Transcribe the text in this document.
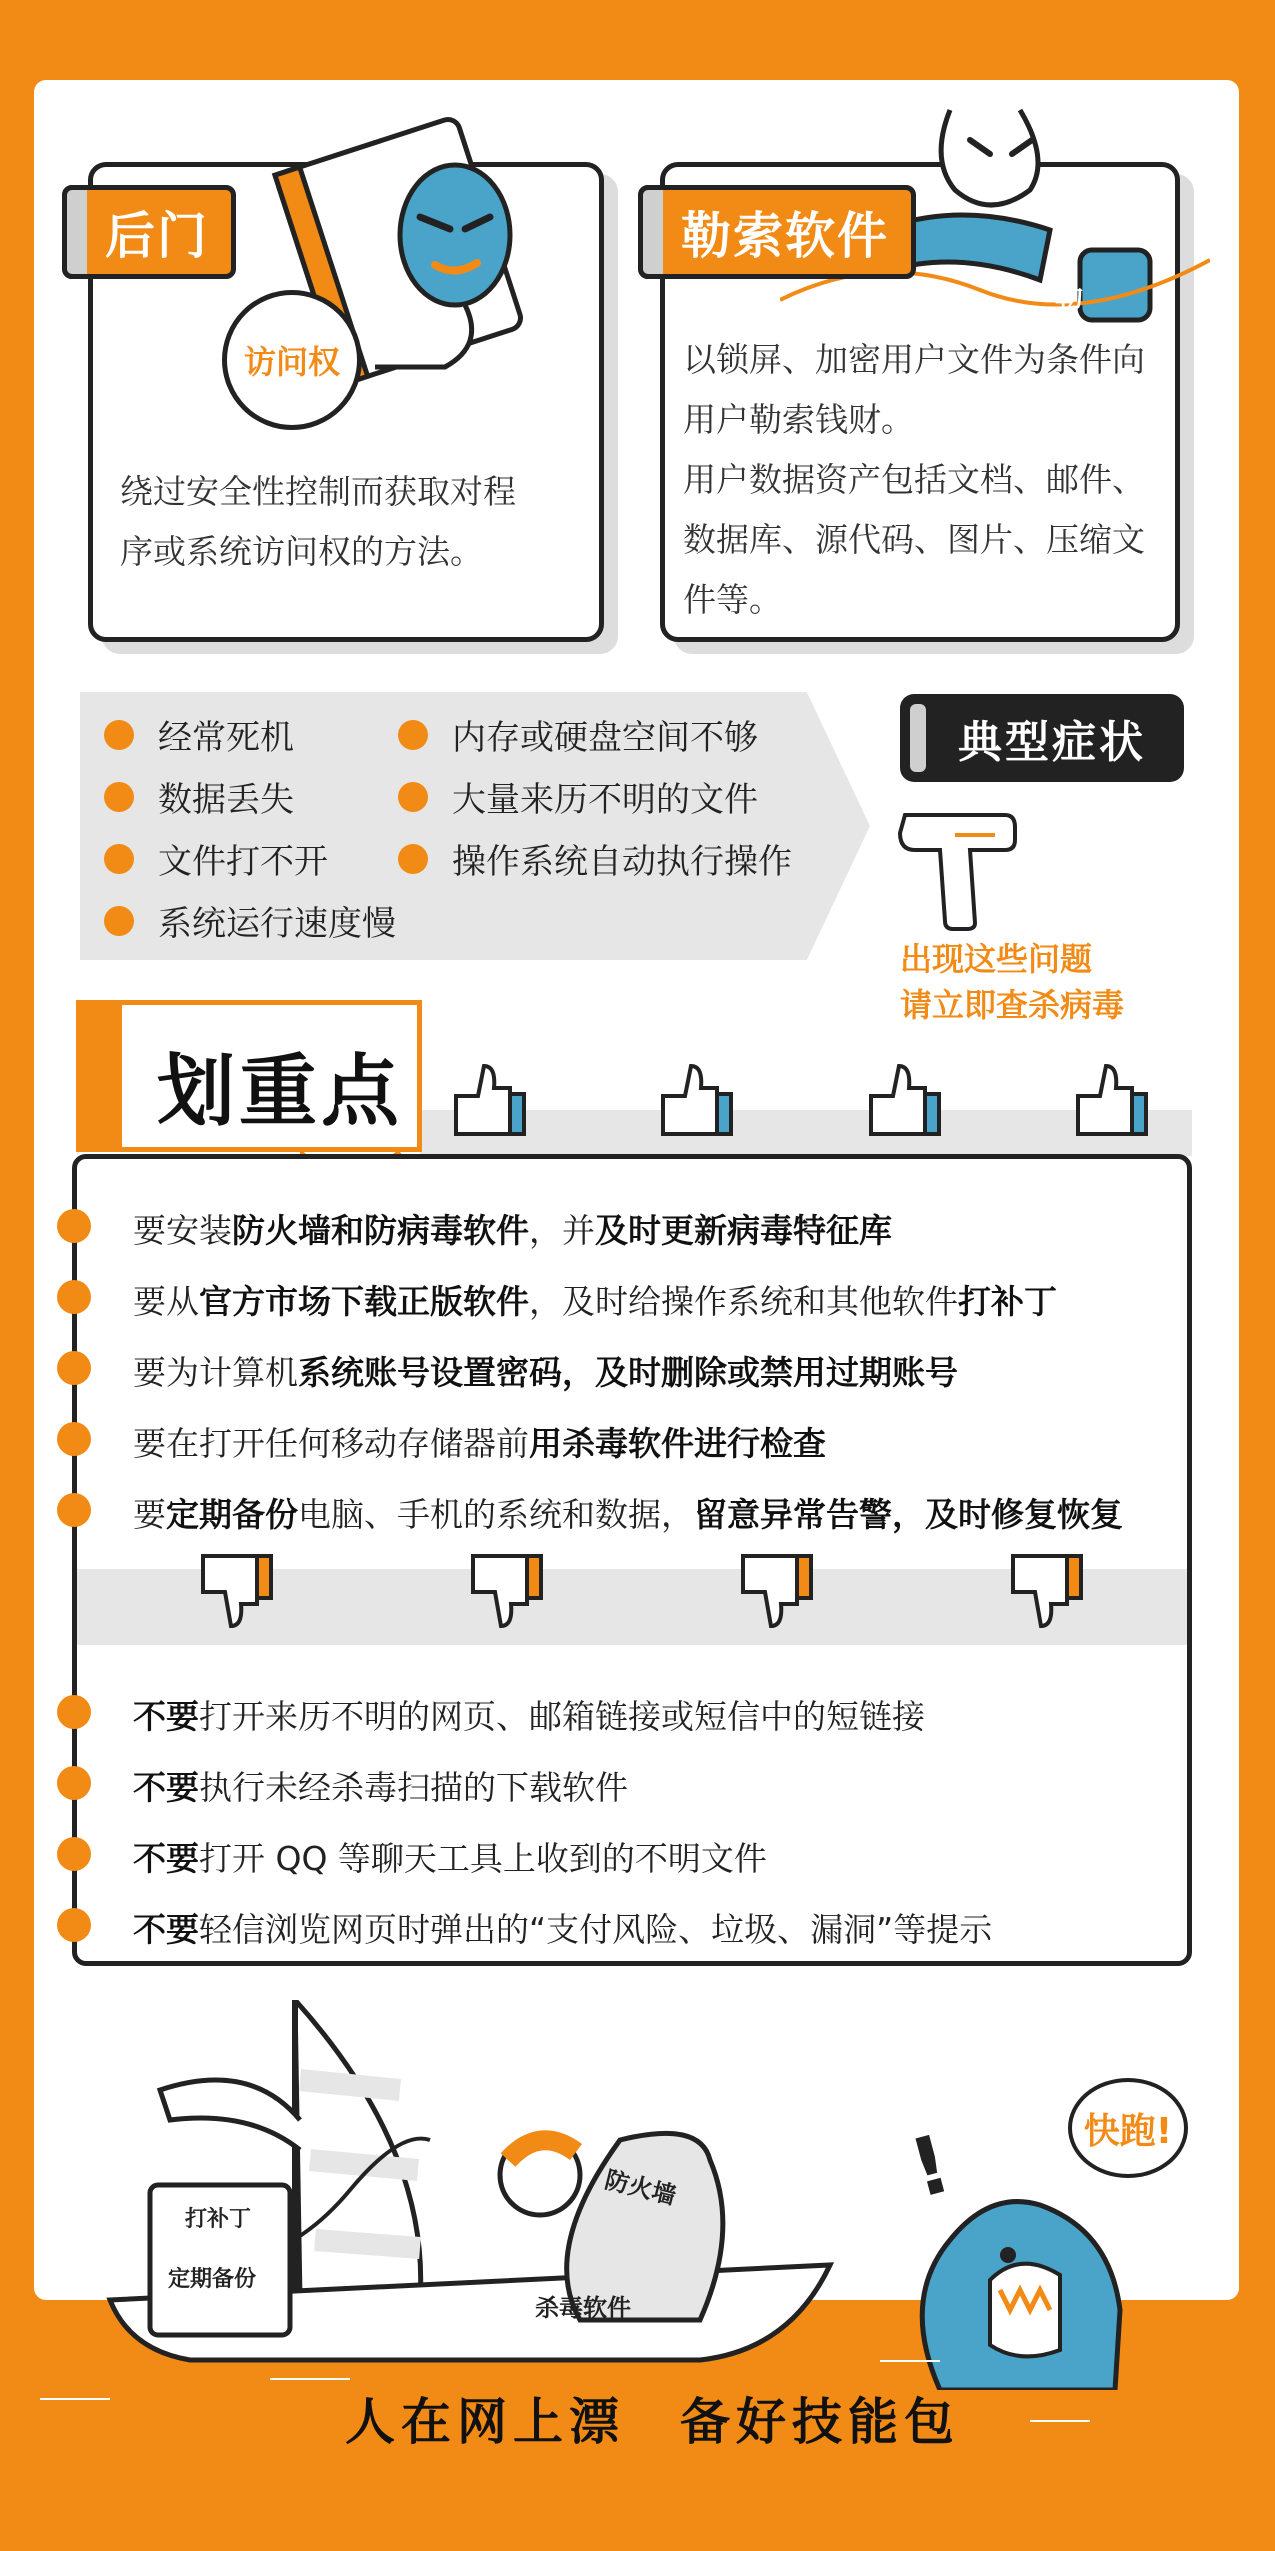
访问权
后门
绕过安全性控制而获取对程
序或系统访问权的方法。
勒
勒索软件
以锁屏、加密用户文件为条件向
用户勒索钱财。
用户数据资产包括文档、邮件、
数据库、源代码、图片、压缩文
件等。
经常死机
数据丢失
文件打不开
系统运行速度慢
内存或硬盘空间不够
大量来历不明的文件
操作系统自动执行操作
典型症状
出现这些问题
请立即查杀病毒
划重点
要安装防火墙和防病毒软件，并及时更新病毒特征库
要从官方市场下载正版软件，及时给操作系统和其他软件打补丁
要为计算机系统账号设置密码，及时删除或禁用过期账号
要在打开任何移动存储器前用杀毒软件进行检查
要定期备份电脑、手机的系统和数据，留意异常告警，及时修复恢复
不要打开来历不明的网页、邮箱链接或短信中的短链接
不要执行未经杀毒扫描的下载软件
不要打开 QQ 等聊天工具上收到的不明文件
不要轻信浏览网页时弹出的“支付风险、垃圾、漏洞”等提示
打补丁
定期备份
防火墙
杀毒软件
快跑!
!
人在网上漂 备好技能包
